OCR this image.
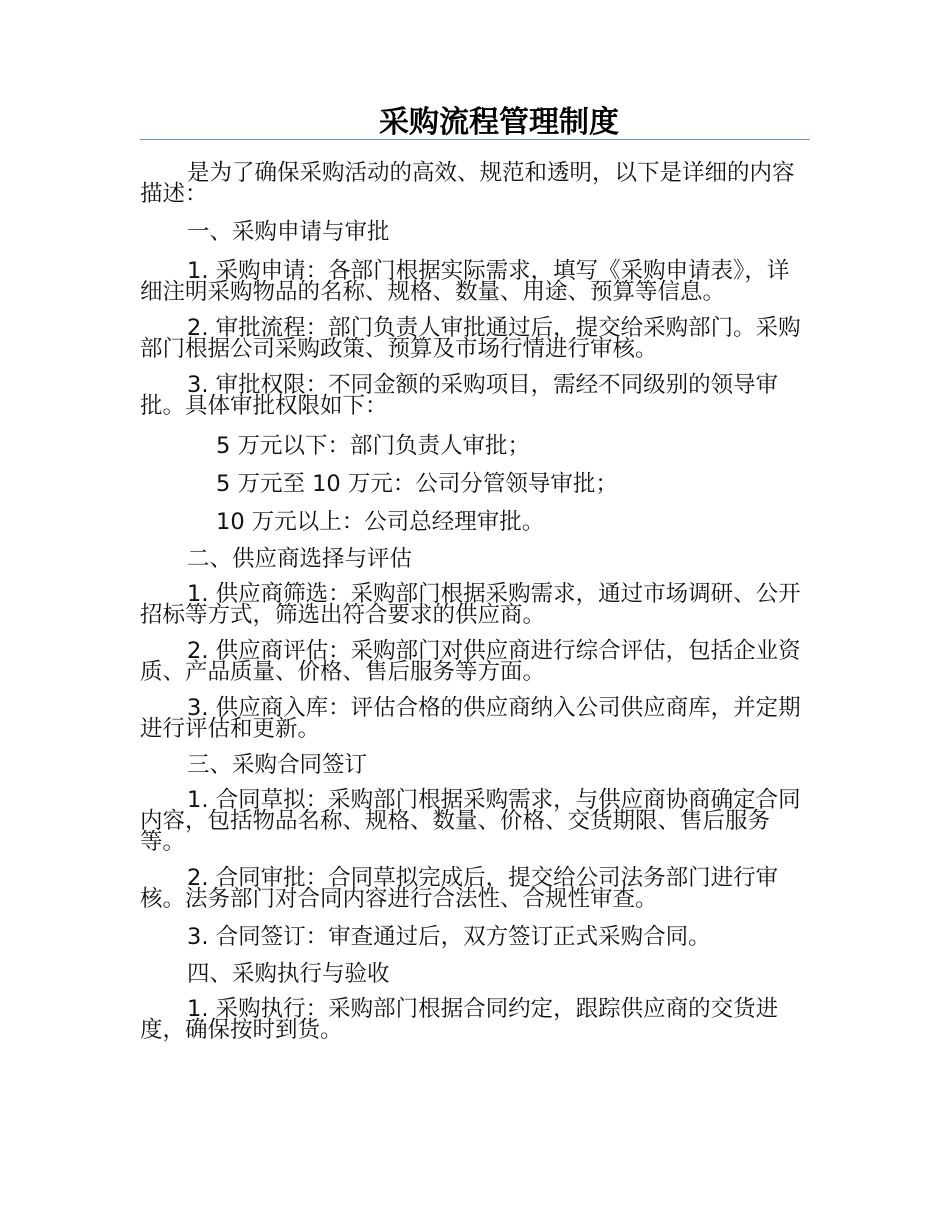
采购流程管理制度

是为了确保采购活动的高效、规范和透明，以下是详细的内容描述：

一、采购申请与审批

1. 采购申请：各部门根据实际需求，填写《采购申请表》，详细注明采购物品的名称、规格、数量、用途、预算等信息。

2. 审批流程：部门负责人审批通过后，提交给采购部门。采购部门根据公司采购政策、预算及市场行情进行审核。

3. 审批权限：不同金额的采购项目，需经不同级别的领导审批。具体审批权限如下：

5 万元以下：部门负责人审批；

5 万元至 10 万元：公司分管领导审批；

10 万元以上：公司总经理审批。

二、供应商选择与评估

1. 供应商筛选：采购部门根据采购需求，通过市场调研、公开招标等方式，筛选出符合要求的供应商。

2. 供应商评估：采购部门对供应商进行综合评估，包括企业资质、产品质量、价格、售后服务等方面。

3. 供应商入库：评估合格的供应商纳入公司供应商库，并定期进行评估和更新。

三、采购合同签订

1. 合同草拟：采购部门根据采购需求，与供应商协商确定合同内容，包括物品名称、规格、数量、价格、交货期限、售后服务等。

2. 合同审批：合同草拟完成后，提交给公司法务部门进行审核。法务部门对合同内容进行合法性、合规性审查。

3. 合同签订：审查通过后，双方签订正式采购合同。

四、采购执行与验收

1. 采购执行：采购部门根据合同约定，跟踪供应商的交货进度，确保按时到货。
